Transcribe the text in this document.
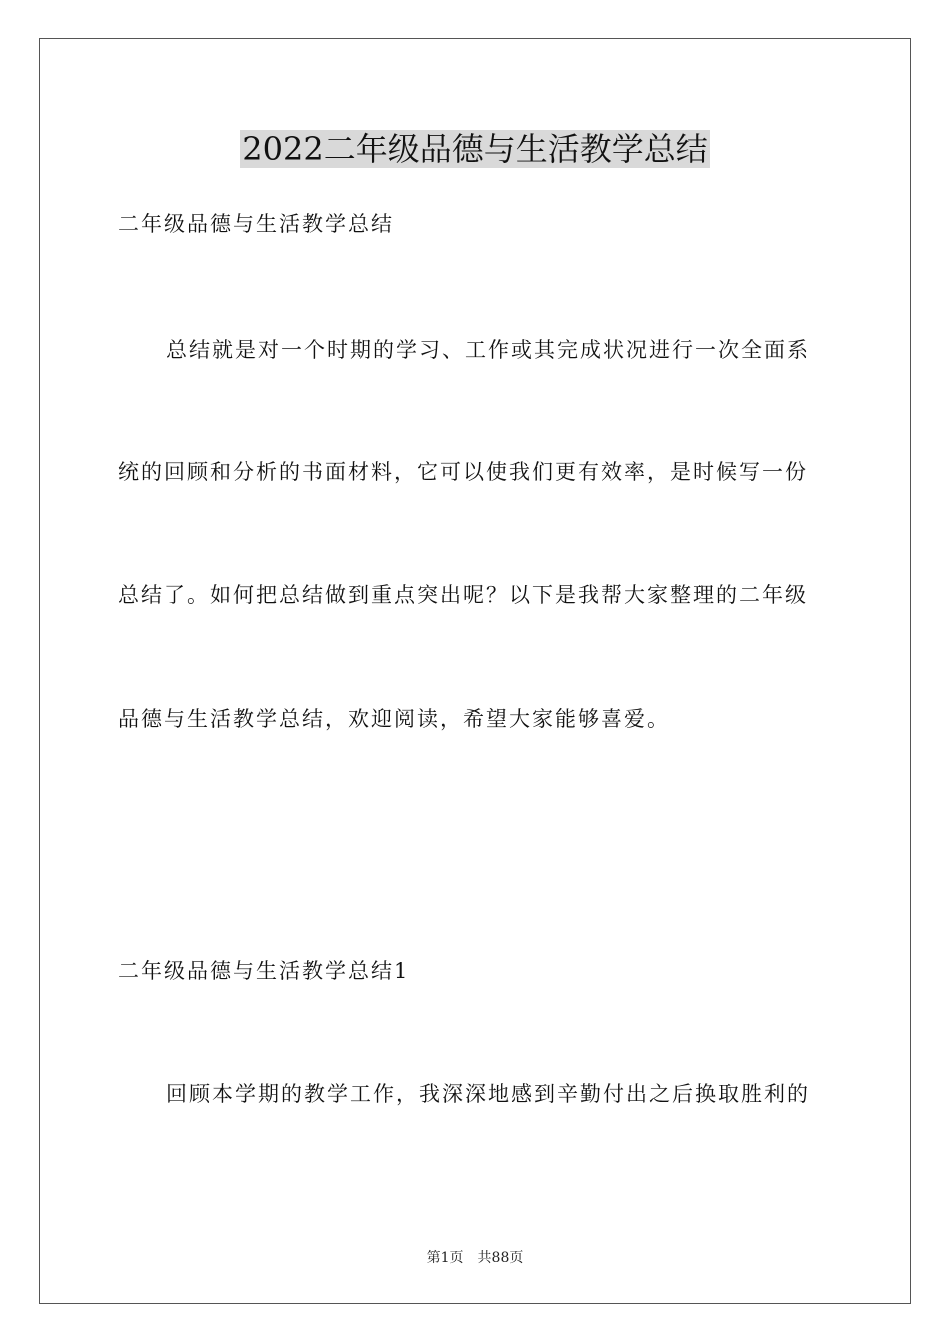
2022二年级品德与生活教学总结

二年级品德与生活教学总结

总结就是对一个时期的学习、工作或其完成状况进行一次全面系

统的回顾和分析的书面材料，它可以使我们更有效率，是时候写一份

总结了。如何把总结做到重点突出呢？以下是我帮大家整理的二年级

品德与生活教学总结，欢迎阅读，希望大家能够喜爱。

二年级品德与生活教学总结1

回顾本学期的教学工作，我深深地感到辛勤付出之后换取胜利的

第1页　共88页
